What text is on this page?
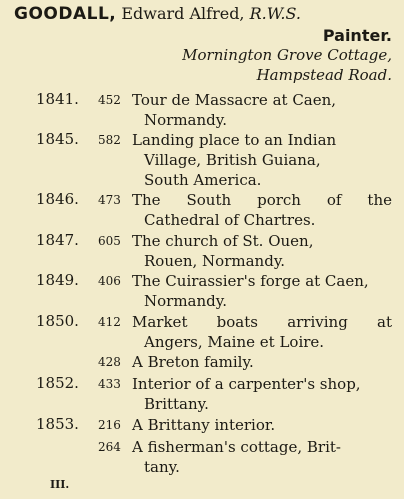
GOODALL, Edward Alfred, R.W.S.
Painter.
Mornington Grove Cottage,
Hampstead Road.
1841. 452 Tour de Massacre at Caen,
Normandy.
1845. 582 Landing place to an Indian
Village, British Guiana,
South America.
1846. 473 The South porch of the
Cathedral of Chartres.
1847. 605 The church of St. Ouen,
Rouen, Normandy.
1849. 406 The Cuirassier's forge at Caen,
Normandy.
1850. 412 Market boats arriving at
Angers, Maine et Loire.
428 A Breton family.
1852. 433 Interior of a carpenter's shop,
Brittany.
1853. 216 A Brittany interior.
264 A fisherman's cottage, Brit-
tany.
III.
